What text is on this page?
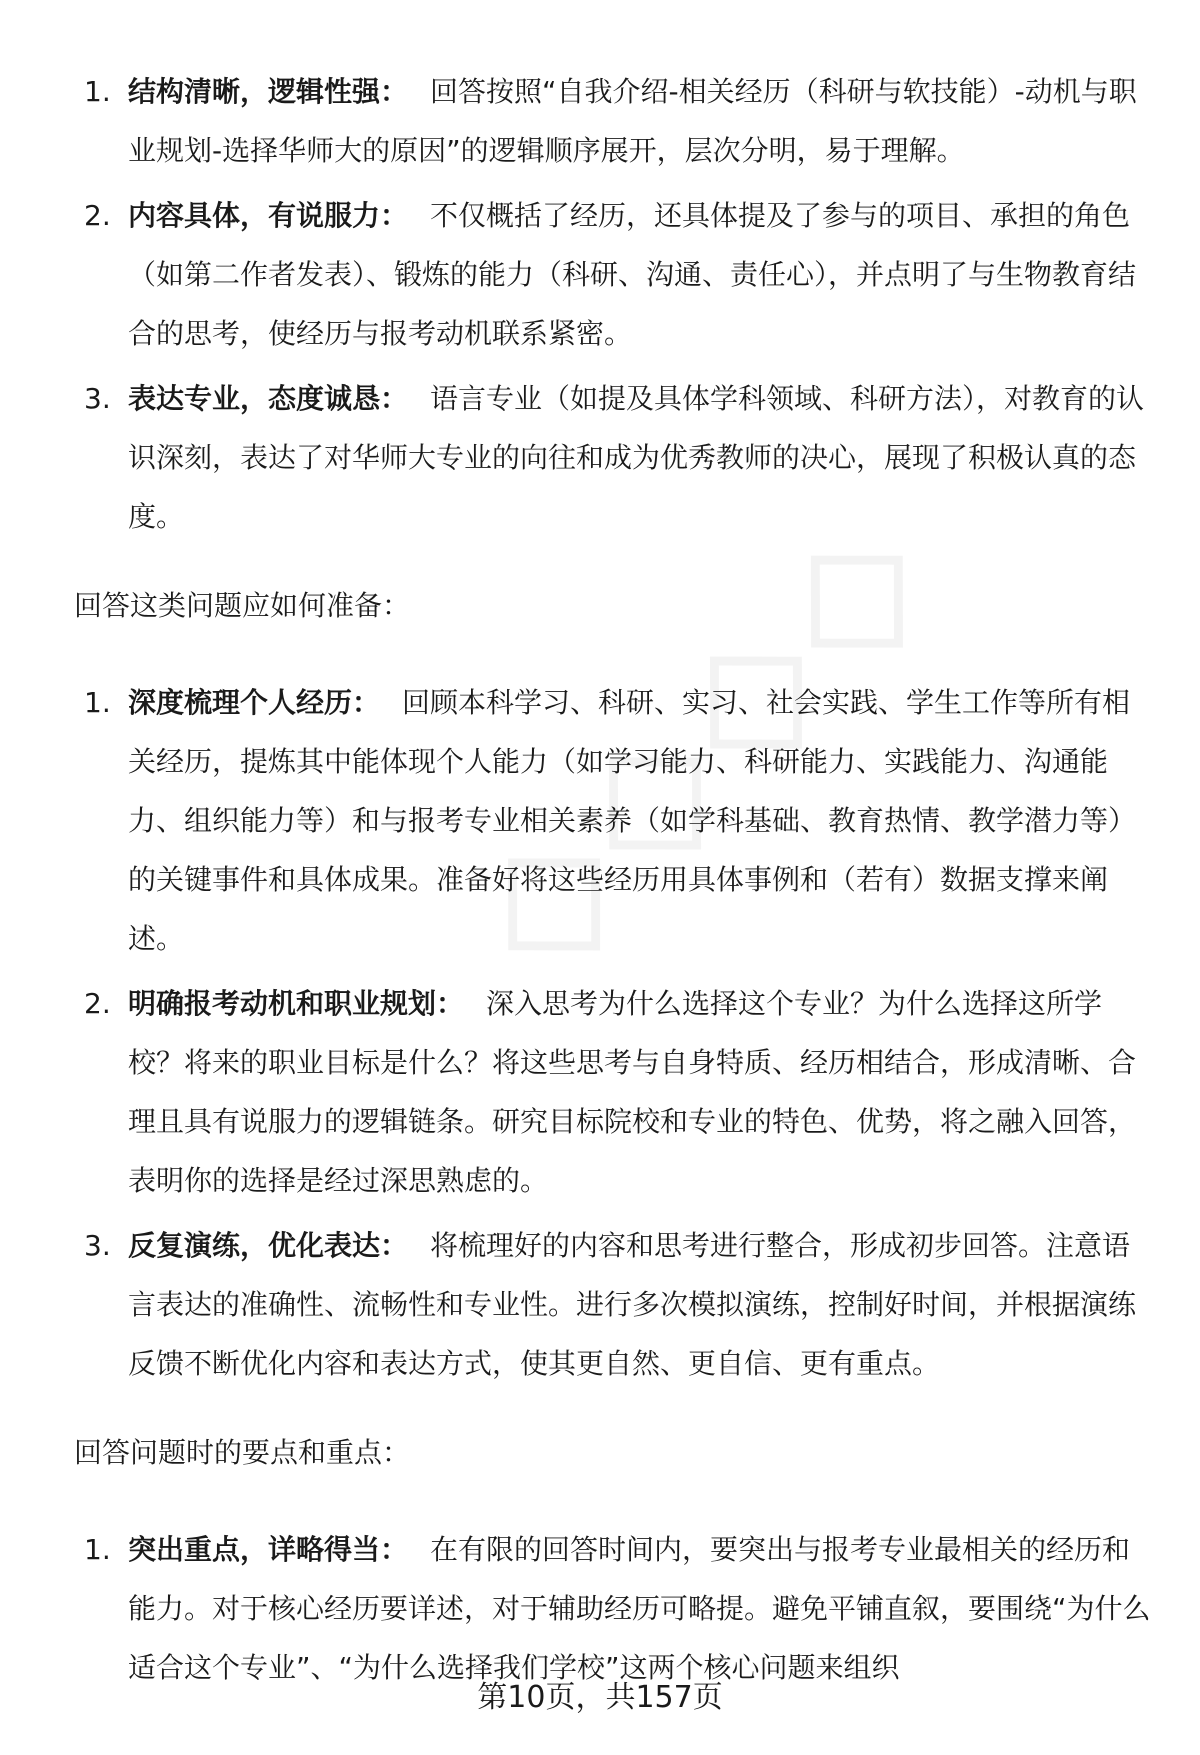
1. 结构清晰，逻辑性强： 回答按照“自我介绍-相关经历（科研与软技能）-动机与职业规划-选择华师大的原因”的逻辑顺序展开，层次分明，易于理解。
2. 内容具体，有说服力： 不仅概括了经历，还具体提及了参与的项目、承担的角色（如第二作者发表）、锻炼的能力（科研、沟通、责任心），并点明了与生物教育结合的思考，使经历与报考动机联系紧密。
3. 表达专业，态度诚恳： 语言专业（如提及具体学科领域、科研方法），对教育的认识深刻，表达了对华师大专业的向往和成为优秀教师的决心，展现了积极认真的态度。
回答这类问题应如何准备：
1. 深度梳理个人经历： 回顾本科学习、科研、实习、社会实践、学生工作等所有相关经历，提炼其中能体现个人能力（如学习能力、科研能力、实践能力、沟通能力、组织能力等）和与报考专业相关素养（如学科基础、教育热情、教学潜力等）的关键事件和具体成果。准备好将这些经历用具体事例和（若有）数据支撑来阐述。
2. 明确报考动机和职业规划： 深入思考为什么选择这个专业？为什么选择这所学校？将来的职业目标是什么？将这些思考与自身特质、经历相结合，形成清晰、合理且具有说服力的逻辑链条。研究目标院校和专业的特色、优势，将之融入回答，表明你的选择是经过深思熟虑的。
3. 反复演练，优化表达： 将梳理好的内容和思考进行整合，形成初步回答。注意语言表达的准确性、流畅性和专业性。进行多次模拟演练，控制好时间，并根据演练反馈不断优化内容和表达方式，使其更自然、更自信、更有重点。
回答问题时的要点和重点：
1. 突出重点，详略得当： 在有限的回答时间内，要突出与报考专业最相关的经历和能力。对于核心经历要详述，对于辅助经历可略提。避免平铺直叙，要围绕“为什么适合这个专业”、“为什么选择我们学校”这两个核心问题来组织
第10页，共157页
